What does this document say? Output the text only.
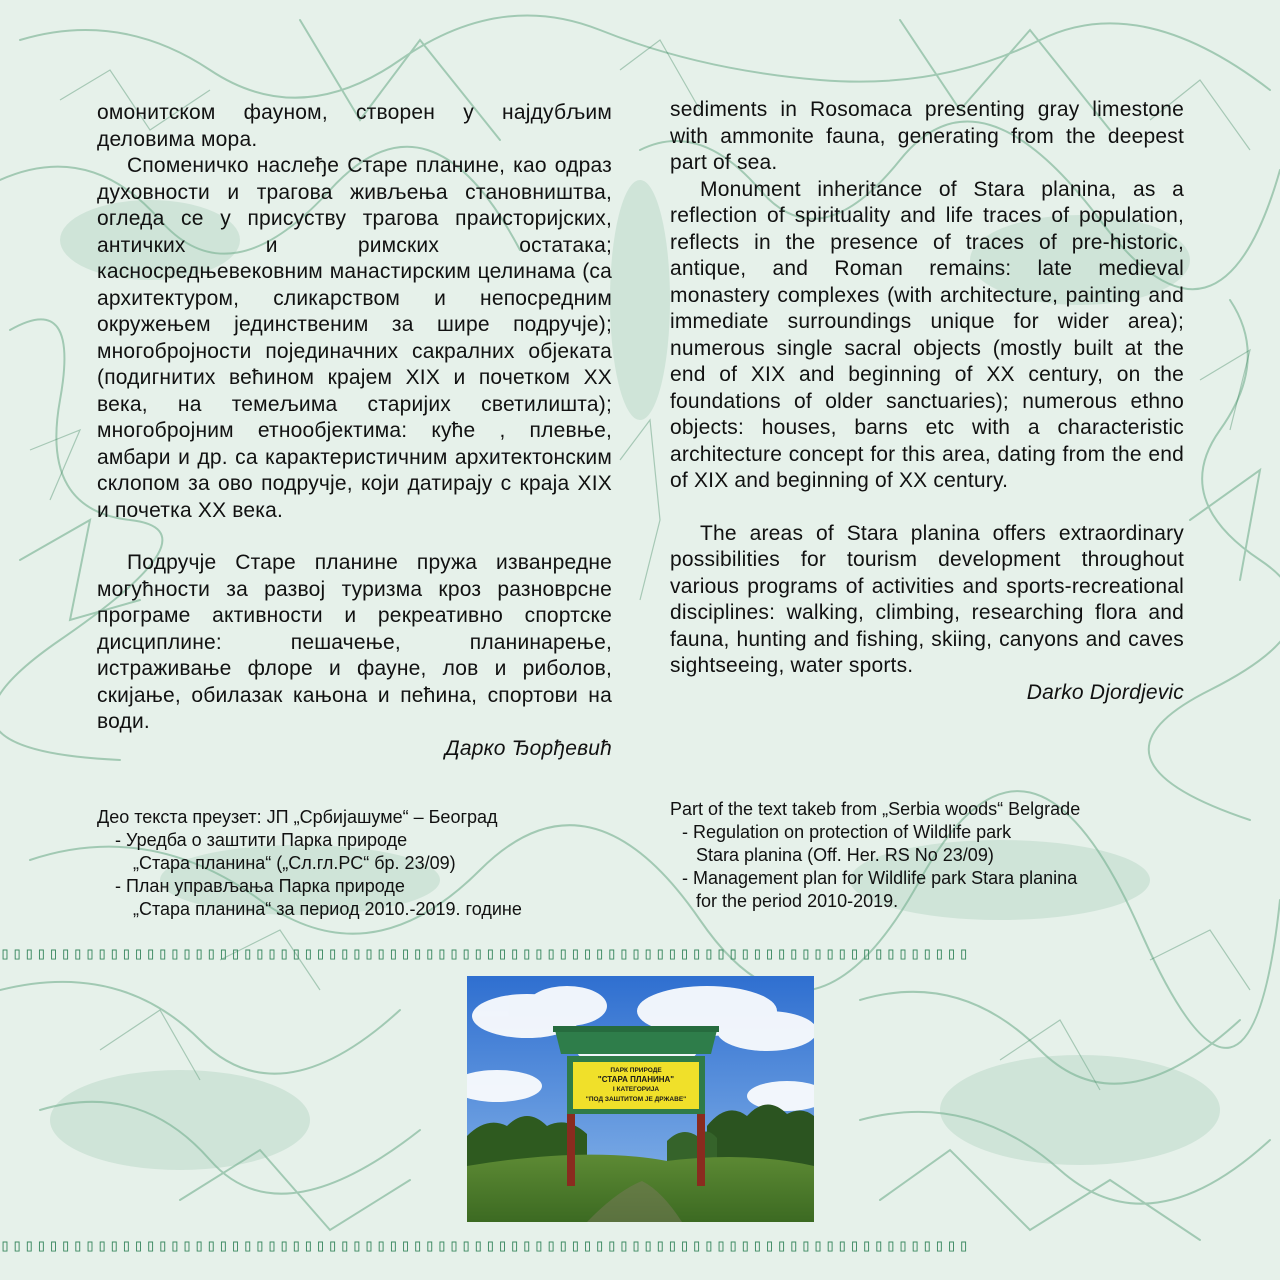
омонитском фауном, створен у најдубљим деловима мора.

Споменичко наслеђе Старе планине, као одраз духовности и трагова живљења становништва, огледа се у присуству трагова праисторијских, античких и римских остатака; каснoсредњевековним манастирским целинама (са архитектуром, сликарством и непосредним окружењем јединственим за шире подручје); многобројности појединачних сакралних објеката (подигнитих већином крајем XIX и почетком XX века, на темељима старијих светилишта); многобројним етнообјектима: куће , плевње, амбари и др. са карактеристичним архитектонским склопом за ово подручје, који датирају с краја XIX и почетка XX века.

Подручје Старе планине пружа изванредне могућности за развој туризма кроз разноврсне програме активности и рекреативно спортске дисциплине: пешачење, планинарење, истраживање флоре и фауне, лов и риболов, скијање, обилазак кањона и пећина, спортови на води.

Дарко Ђорђевић

sediments in Rosomaca presenting gray limestone with ammonite fauna, generating from the deepest part of sea.

Monument inheritance of Stara planina, as a reflection of spirituality and life traces of population, reflects in the presence of traces of pre-historic, antique, and Roman remains: late medieval monastery complexes (with architecture, painting and immediate surroundings unique for wider area); numerous single sacral objects (mostly built at the end of XIX and beginning of XX century, on the foundations of older sanctuaries); numerous ethno objects: houses, barns etc with a characteristic architecture concept for this area, dating from the end of XIX and beginning of XX century.

The areas of Stara planina offers extraordinary possibilities for tourism development throughout various programs of activities and sports-recreational disciplines: walking, climbing, researching flora and fauna, hunting and fishing, skiing, canyons and caves sightseeing, water sports.

Darko Djordjevic

Део текста преузет: ЈП „Србијашуме“ – Београд
- Уредба о заштити Парка природе
„Стара планина“ („Сл.гл.РС“ бр. 23/09)
- План управљања Парка природе
„Стара планина“ за период 2010.-2019. године
Part of the text takeb from „Serbia woods“ Belgrade
- Regulation on protection of Wildlife park
Stara planina (Off. Her. RS No 23/09)
- Management plan for Wildlife park Stara planina
for the period 2010-2019.
▯▯▯▯▯▯▯▯▯▯▯▯▯▯▯▯▯▯▯▯▯▯▯▯▯▯▯▯▯▯▯▯▯▯▯▯▯▯▯▯▯▯▯▯▯▯▯▯▯▯▯▯▯▯▯▯▯▯▯▯▯▯▯▯▯▯▯▯▯▯▯▯▯▯▯▯▯▯▯▯
▯▯▯▯▯▯▯▯▯▯▯▯▯▯▯▯▯▯▯▯▯▯▯▯▯▯▯▯▯▯▯▯▯▯▯▯▯▯▯▯▯▯▯▯▯▯▯▯▯▯▯▯▯▯▯▯▯▯▯▯▯▯▯▯▯▯▯▯▯▯▯▯▯▯▯▯▯▯▯▯
ПАРК ПРИРОДЕ
"СТАРА ПЛАНИНА"
I КАТЕГОРИЈА
"ПОД ЗАШТИТОМ ЈЕ ДРЖАВЕ"
